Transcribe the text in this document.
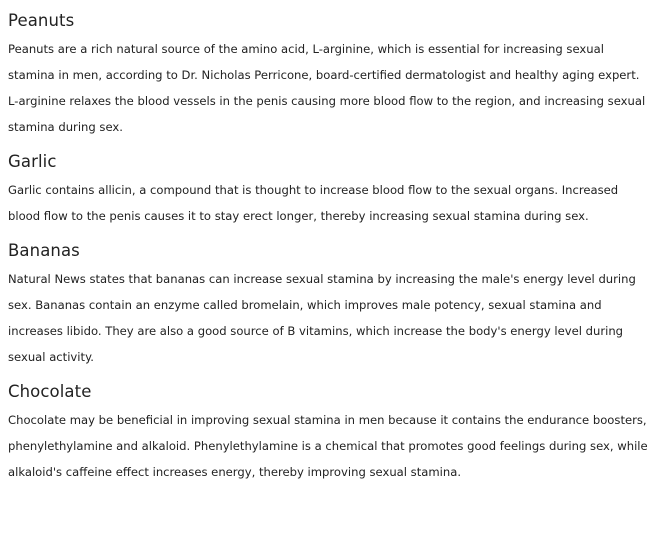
Peanuts

Peanuts are a rich natural source of the amino acid, L-arginine, which is essential for increasing sexual stamina in men, according to Dr. Nicholas Perricone, board-certified dermatologist and healthy aging expert. L-arginine relaxes the blood vessels in the penis causing more blood flow to the region, and increasing sexual stamina during sex.

Garlic

Garlic contains allicin, a compound that is thought to increase blood flow to the sexual organs. Increased blood flow to the penis causes it to stay erect longer, thereby increasing sexual stamina during sex.

Bananas

Natural News states that bananas can increase sexual stamina by increasing the male's energy level during sex. Bananas contain an enzyme called bromelain, which improves male potency, sexual stamina and increases libido. They are also a good source of B vitamins, which increase the body's energy level during sexual activity.

Chocolate

Chocolate may be beneficial in improving sexual stamina in men because it contains the endurance boosters, phenylethylamine and alkaloid. Phenylethylamine is a chemical that promotes good feelings during sex, while alkaloid's caffeine effect increases energy, thereby improving sexual stamina.
